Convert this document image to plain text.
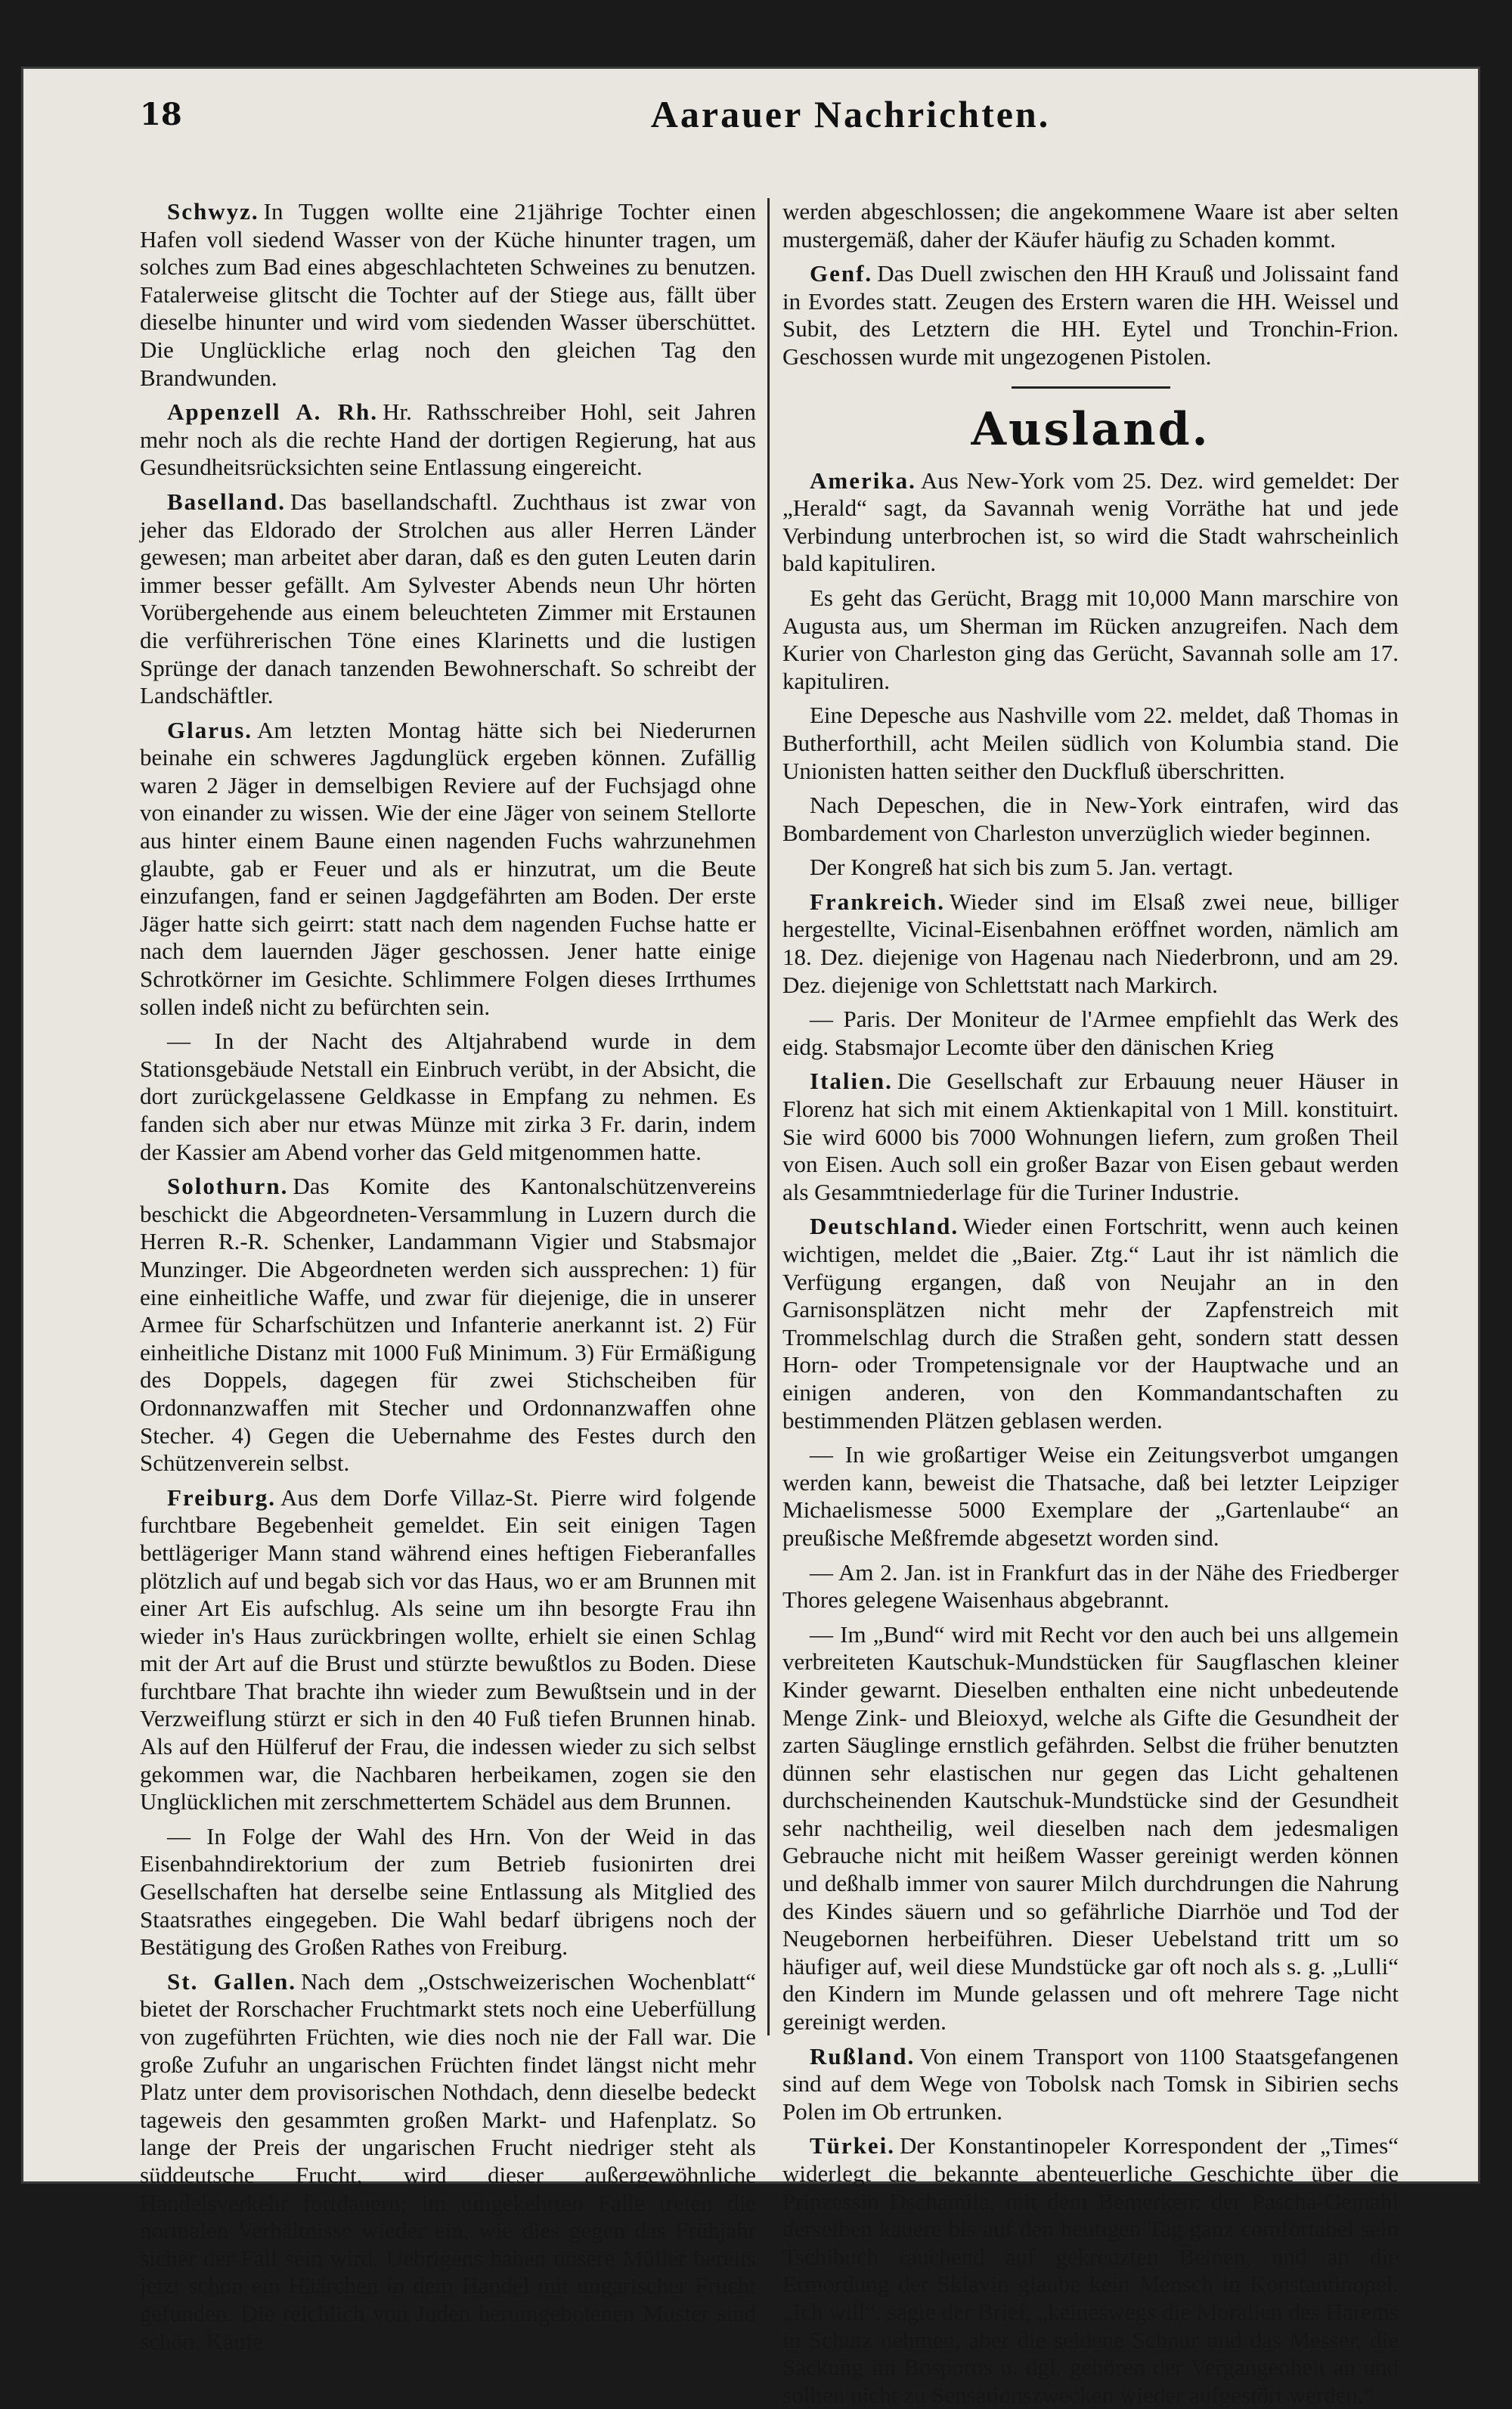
18	Aarauer Nachrichten.

Schwyz. In Tuggen wollte eine 21jährige Tochter einen Hafen voll siedend Wasser von der Küche hinunter tragen, um solches zum Bad eines abgeschlachteten Schweines zu benutzen. Fatalerweise glitscht die Tochter auf der Stiege aus, fällt über dieselbe hinunter und wird vom siedenden Wasser überschüttet. Die Unglückliche erlag noch den gleichen Tag den Brandwunden.

Appenzell A. Rh. Hr. Rathsschreiber Hohl, seit Jahren mehr noch als die rechte Hand der dortigen Regierung, hat aus Gesundheitsrücksichten seine Entlassung eingereicht.

Baselland. Das basellandschaftl. Zuchthaus ist zwar von jeher das Eldorado der Strolchen aus aller Herren Länder gewesen; man arbeitet aber daran, daß es den guten Leuten darin immer besser gefällt. Am Sylvester Abends neun Uhr hörten Vorübergehende aus einem beleuchteten Zimmer mit Erstaunen die verführerischen Töne eines Klarinetts und die lustigen Sprünge der danach tanzenden Bewohnerschaft. So schreibt der Landschäftler.

Glarus. Am letzten Montag hätte sich bei Niederurnen beinahe ein schweres Jagdunglück ergeben können. Zufällig waren 2 Jäger in demselbigen Reviere auf der Fuchsjagd ohne von einander zu wissen. Wie der eine Jäger von seinem Stellorte aus hinter einem Baune einen nagenden Fuchs wahrzunehmen glaubte, gab er Feuer und als er hinzutrat, um die Beute einzufangen, fand er seinen Jagdgefährten am Boden. Der erste Jäger hatte sich geirrt: statt nach dem nagenden Fuchse hatte er nach dem lauernden Jäger geschossen. Jener hatte einige Schrotkörner im Gesichte. Schlimmere Folgen dieses Irrthumes sollen indeß nicht zu befürchten sein.

— In der Nacht des Altjahrabend wurde in dem Stationsgebäude Netstall ein Einbruch verübt, in der Absicht, die dort zurückgelassene Geldkasse in Empfang zu nehmen. Es fanden sich aber nur etwas Münze mit zirka 3 Fr. darin, indem der Kassier am Abend vorher das Geld mitgenommen hatte.

Solothurn. Das Komite des Kantonalschützenvereins beschickt die Abgeordneten-Versammlung in Luzern durch die Herren R.-R. Schenker, Landammann Vigier und Stabsmajor Munzinger. Die Abgeordneten werden sich aussprechen: 1) für eine einheitliche Waffe, und zwar für diejenige, die in unserer Armee für Scharfschützen und Infanterie anerkannt ist. 2) Für einheitliche Distanz mit 1000 Fuß Minimum. 3) Für Ermäßigung des Doppels, dagegen für zwei Stichscheiben für Ordonnanzwaffen mit Stecher und Ordonnanzwaffen ohne Stecher. 4) Gegen die Uebernahme des Festes durch den Schützenverein selbst.

Freiburg. Aus dem Dorfe Villaz-St. Pierre wird folgende furchtbare Begebenheit gemeldet. Ein seit einigen Tagen bettlägeriger Mann stand während eines heftigen Fieberanfalles plötzlich auf und begab sich vor das Haus, wo er am Brunnen mit einer Art Eis aufschlug. Als seine um ihn besorgte Frau ihn wieder in's Haus zurückbringen wollte, erhielt sie einen Schlag mit der Art auf die Brust und stürzte bewußtlos zu Boden. Diese furchtbare That brachte ihn wieder zum Bewußtsein und in der Verzweiflung stürzt er sich in den 40 Fuß tiefen Brunnen hinab. Als auf den Hülferuf der Frau, die indessen wieder zu sich selbst gekommen war, die Nachbaren herbeikamen, zogen sie den Unglücklichen mit zerschmettertem Schädel aus dem Brunnen.

— In Folge der Wahl des Hrn. Von der Weid in das Eisenbahndirektorium der zum Betrieb fusionirten drei Gesellschaften hat derselbe seine Entlassung als Mitglied des Staatsrathes eingegeben. Die Wahl bedarf übrigens noch der Bestätigung des Großen Rathes von Freiburg.

St. Gallen. Nach dem „Ostschweizerischen Wochenblatt“ bietet der Rorschacher Fruchtmarkt stets noch eine Ueberfüllung von zugeführten Früchten, wie dies noch nie der Fall war. Die große Zufuhr an ungarischen Früchten findet längst nicht mehr Platz unter dem provisorischen Nothdach, denn dieselbe bedeckt tageweis den gesammten großen Markt- und Hafenplatz. So lange der Preis der ungarischen Frucht niedriger steht als süddeutsche Frucht, wird dieser außergewöhnliche Handelsverkehr fortdauern; im umgekehrten Falle treten die normalen Verhältnisse wieder ein, wie dies gegen das Frühjahr sicher der Fall sein wird. Uebrigens haben unsere Müller bereits jetzt schon ein Häärchen in dem Handel mit ungarischer Frucht gefunden. Die reichlich von Juden herumgebotenen Muster sind schön, Käufe

werden abgeschlossen; die angekommene Waare ist aber selten mustergemäß, daher der Käufer häufig zu Schaden kommt.

Genf. Das Duell zwischen den HH Krauß und Jolissaint fand in Evordes statt. Zeugen des Erstern waren die HH. Weissel und Subit, des Letztern die HH. Eytel und Tronchin-Frion. Geschossen wurde mit ungezogenen Pistolen.

Ausland.

Amerika. Aus New-York vom 25. Dez. wird gemeldet: Der „Herald“ sagt, da Savannah wenig Vorräthe hat und jede Verbindung unterbrochen ist, so wird die Stadt wahrscheinlich bald kapituliren.

Es geht das Gerücht, Bragg mit 10,000 Mann marschire von Augusta aus, um Sherman im Rücken anzugreifen. Nach dem Kurier von Charleston ging das Gerücht, Savannah solle am 17. kapituliren.

Eine Depesche aus Nashville vom 22. meldet, daß Thomas in Butherforthill, acht Meilen südlich von Kolumbia stand. Die Unionisten hatten seither den Duckfluß überschritten.

Nach Depeschen, die in New-York eintrafen, wird das Bombardement von Charleston unverzüglich wieder beginnen.

Der Kongreß hat sich bis zum 5. Jan. vertagt.

Frankreich. Wieder sind im Elsaß zwei neue, billiger hergestellte, Vicinal-Eisenbahnen eröffnet worden, nämlich am 18. Dez. diejenige von Hagenau nach Niederbronn, und am 29. Dez. diejenige von Schlettstatt nach Markirch.

— Paris. Der Moniteur de l'Armee empfiehlt das Werk des eidg. Stabsmajor Lecomte über den dänischen Krieg

Italien. Die Gesellschaft zur Erbauung neuer Häuser in Florenz hat sich mit einem Aktienkapital von 1 Mill. konstituirt. Sie wird 6000 bis 7000 Wohnungen liefern, zum großen Theil von Eisen. Auch soll ein großer Bazar von Eisen gebaut werden als Gesammtniederlage für die Turiner Industrie.

Deutschland. Wieder einen Fortschritt, wenn auch keinen wichtigen, meldet die „Baier. Ztg.“ Laut ihr ist nämlich die Verfügung ergangen, daß von Neujahr an in den Garnisonsplätzen nicht mehr der Zapfenstreich mit Trommelschlag durch die Straßen geht, sondern statt dessen Horn- oder Trompetensignale vor der Hauptwache und an einigen anderen, von den Kommandantschaften zu bestimmenden Plätzen geblasen werden.

— In wie großartiger Weise ein Zeitungsverbot umgangen werden kann, beweist die Thatsache, daß bei letzter Leipziger Michaelismesse 5000 Exemplare der „Gartenlaube“ an preußische Meßfremde abgesetzt worden sind.

— Am 2. Jan. ist in Frankfurt das in der Nähe des Friedberger Thores gelegene Waisenhaus abgebrannt.

— Im „Bund“ wird mit Recht vor den auch bei uns allgemein verbreiteten Kautschuk-Mundstücken für Saugflaschen kleiner Kinder gewarnt. Dieselben enthalten eine nicht unbedeutende Menge Zink- und Bleioxyd, welche als Gifte die Gesundheit der zarten Säuglinge ernstlich gefährden. Selbst die früher benutzten dünnen sehr elastischen nur gegen das Licht gehaltenen durchscheinenden Kautschuk-Mundstücke sind der Gesundheit sehr nachtheilig, weil dieselben nach dem jedesmaligen Gebrauche nicht mit heißem Wasser gereinigt werden können und deßhalb immer von saurer Milch durchdrungen die Nahrung des Kindes säuern und so gefährliche Diarrhöe und Tod der Neugebornen herbeiführen. Dieser Uebelstand tritt um so häufiger auf, weil diese Mundstücke gar oft noch als s. g. „Lulli“ den Kindern im Munde gelassen und oft mehrere Tage nicht gereinigt werden.

Rußland. Von einem Transport von 1100 Staatsgefangenen sind auf dem Wege von Tobolsk nach Tomsk in Sibirien sechs Polen im Ob ertrunken.

Türkei. Der Konstantinopeler Korrespondent der „Times“ widerlegt die bekannte abenteuerliche Geschichte über die Prinzessin Dschamila, mit dem Bemerken: der Pascha-Gemahl derselben kauere bis auf den heutigen Tag ganz comfortabel sein Tschibuch rauchend auf gekreuzten Beinen, und an die Ermordung der Sklavin glaube kein Mensch in Konstantinopel. „Ich will“, sagte der Brief, „keineswegs die Moralien des Harems in Schutz nehmen, aber die seidene Schnur und das Messer, die Säckung im Bosporus u. dgl. gehören der Vergangenheit an und sollten nicht zu Sensationszwecken wieder aufgestört werden.“
